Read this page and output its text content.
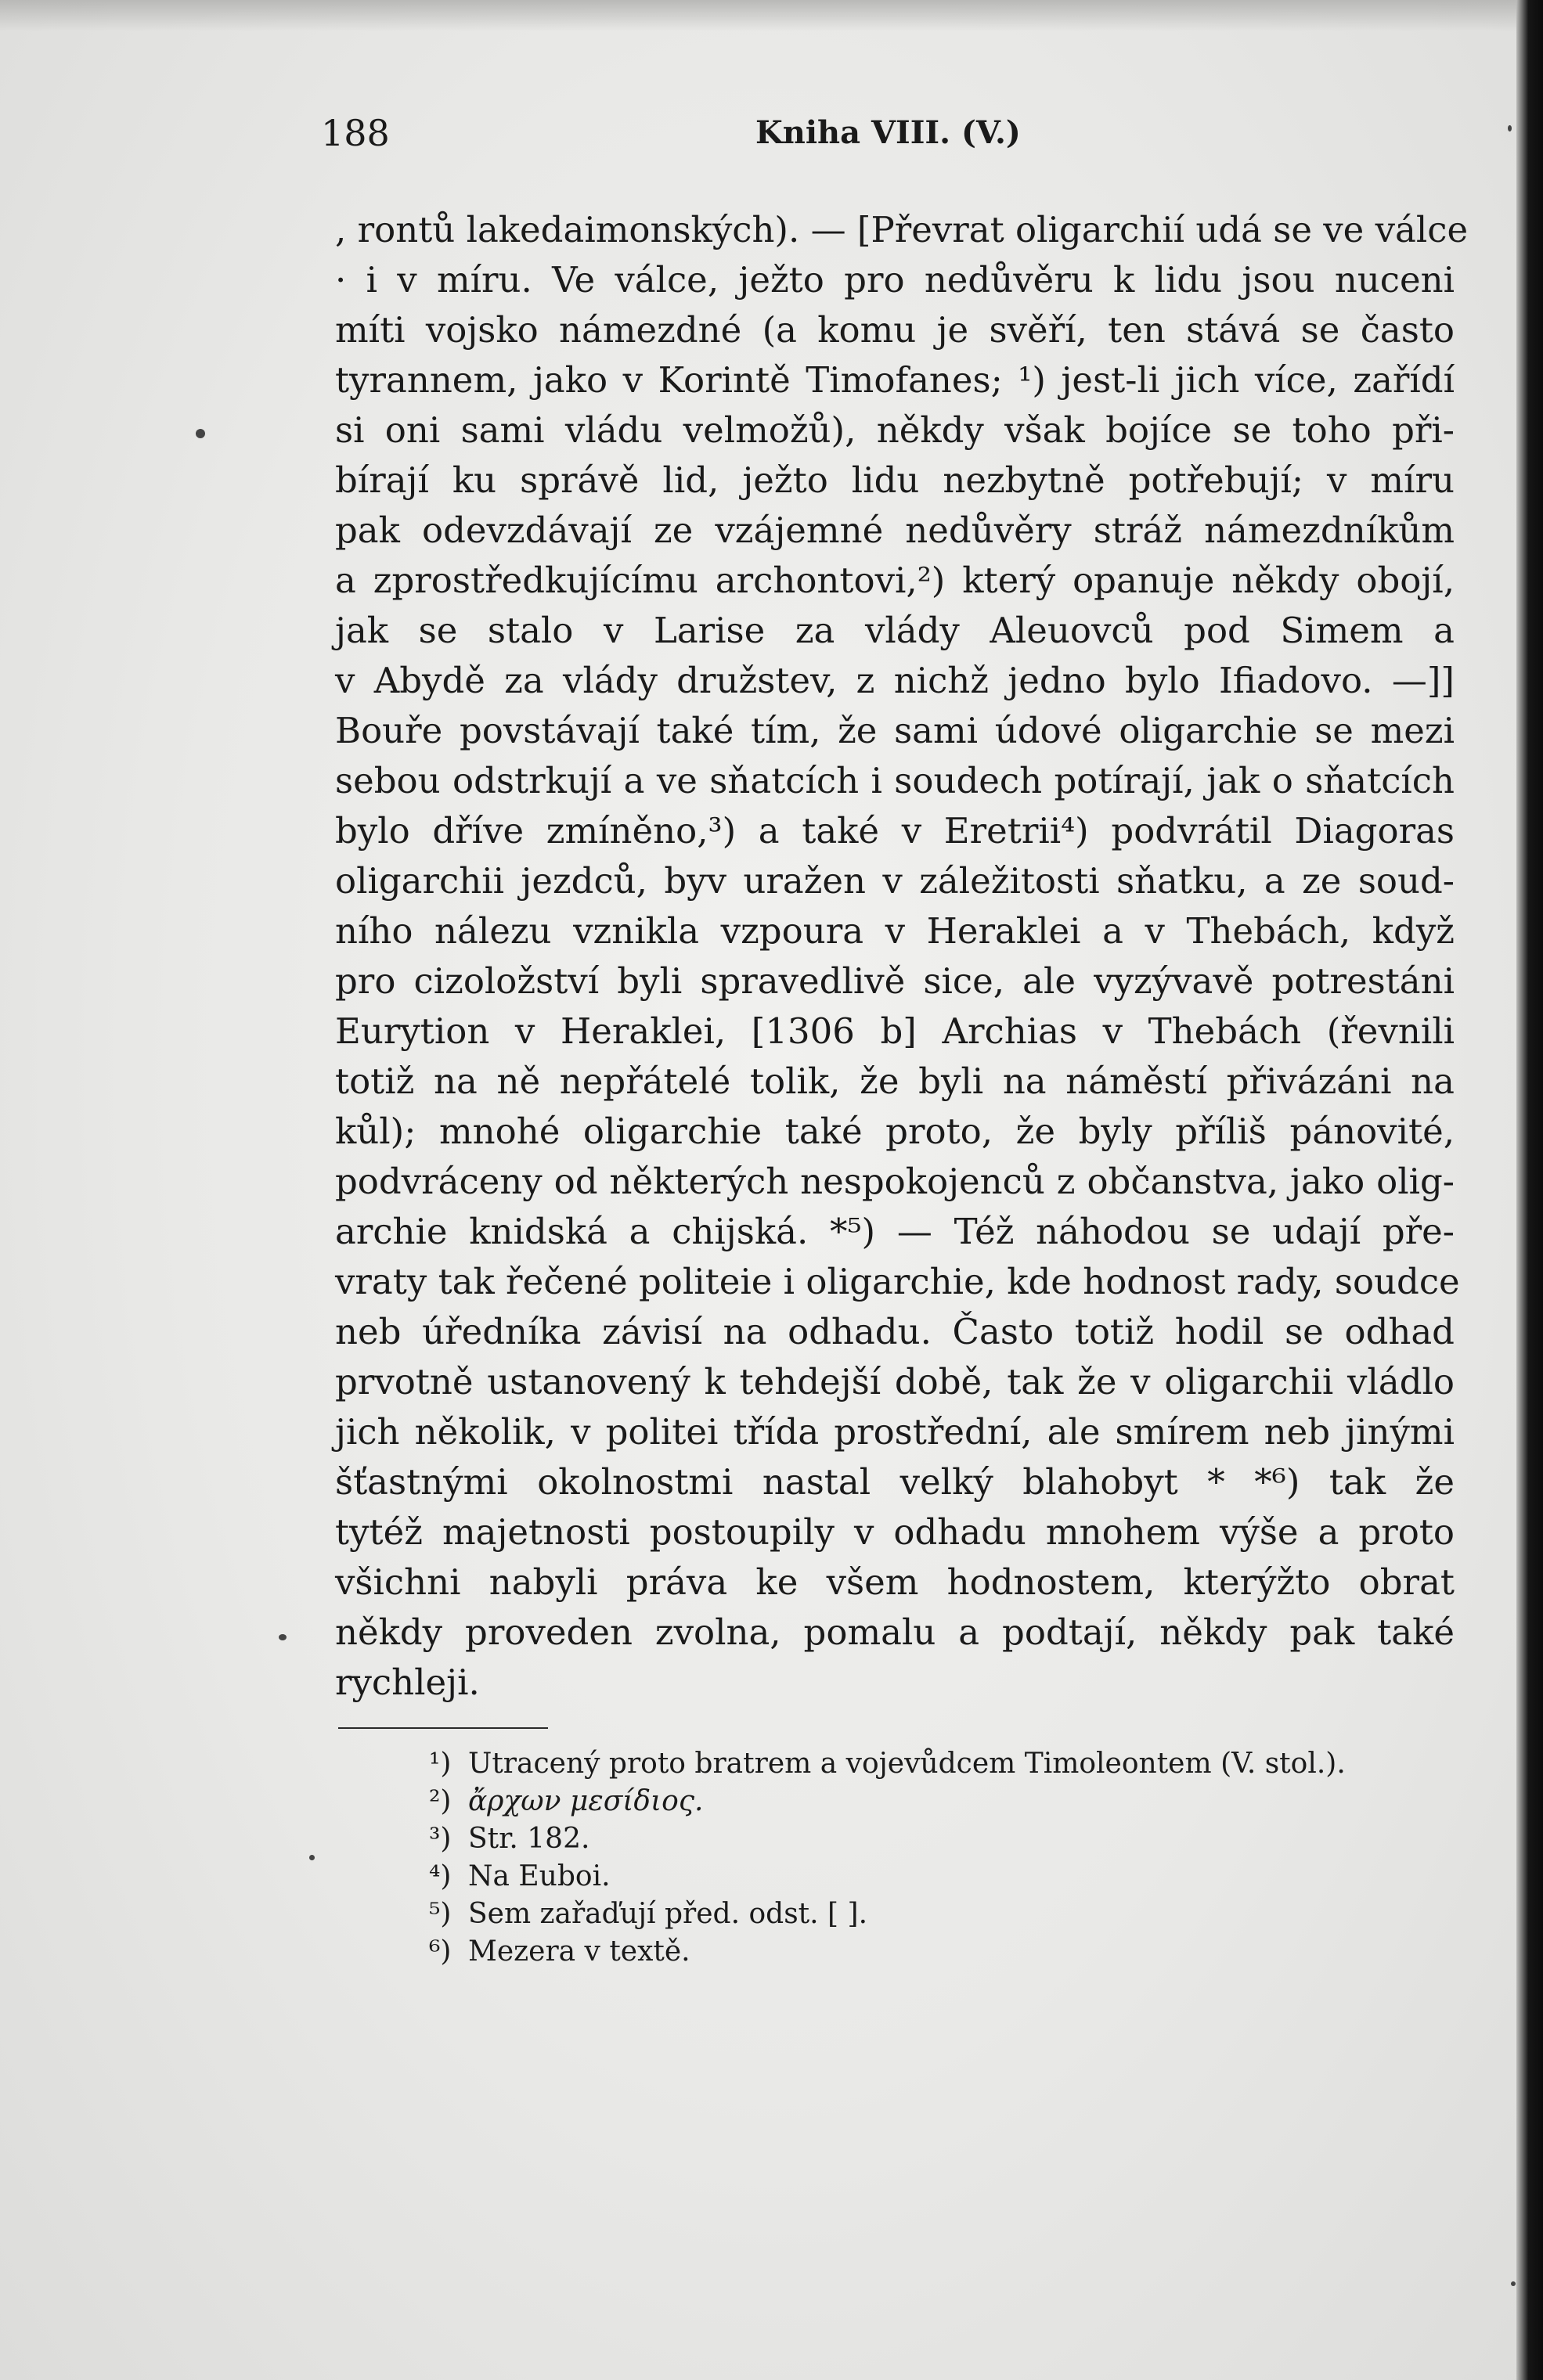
188	Kniha VIII. (V.)
, rontů lakedaimonských). — [Převrat oligarchií udá se ve válce
· i v míru. Ve válce, ježto pro nedůvěru k lidu jsou nuceni
míti vojsko námezdné (a komu je svěří, ten stává se často
tyrannem, jako v Korintě Timofanes; ¹) jest-li jich více, zařídí
si oni sami vládu velmožů), někdy však bojíce se toho při-
bírají ku správě lid, ježto lidu nezbytně potřebují; v míru
pak odevzdávají ze vzájemné nedůvěry stráž námezdníkům
a zprostředkujícímu archontovi,²) který opanuje někdy obojí,
jak se stalo v Larise za vlády Aleuovců pod Simem a
v Abydě za vlády družstev, z nichž jedno bylo Ifiadovo. —]]
Bouře povstávají také tím, že sami údové oligarchie se mezi
sebou odstrkují a ve sňatcích i soudech potírají, jak o sňatcích
bylo dříve zmíněno,³) a také v Eretrii⁴) podvrátil Diagoras
oligarchii jezdců, byv uražen v záležitosti sňatku, a ze soud-
ního nálezu vznikla vzpoura v Heraklei a v Thebách, když
pro cizoložství byli spravedlivě sice, ale vyzývavě potrestáni
Eurytion v Heraklei, [1306 b] Archias v Thebách (řevnili
totiž na ně nepřátelé tolik, že byli na náměstí přivázáni na
kůl); mnohé oligarchie také proto, že byly příliš pánovité,
podvráceny od některých nespokojenců z občanstva, jako olig-
archie knidská a chijská. *⁵) — Též náhodou se udají pře-
vraty tak řečené politeie i oligarchie, kde hodnost rady, soudce
neb úředníka závisí na odhadu. Často totiž hodil se odhad
prvotně ustanovený k tehdejší době, tak že v oligarchii vládlo
jich několik, v politei třída prostřední, ale smírem neb jinými
šťastnými okolnostmi nastal velký blahobyt * *⁶) tak že
tytéž majetnosti postoupily v odhadu mnohem výše a proto
všichni nabyli práva ke všem hodnostem, kterýžto obrat
někdy proveden zvolna, pomalu a podtají, někdy pak také
rychleji.
¹) Utracený proto bratrem a vojevůdcem Timoleontem (V. stol.).
²) ἄρχων μεσίδιος.
³) Str. 182.
⁴) Na Euboi.
⁵) Sem zařaďují před. odst. [ ].
⁶) Mezera v textě.
